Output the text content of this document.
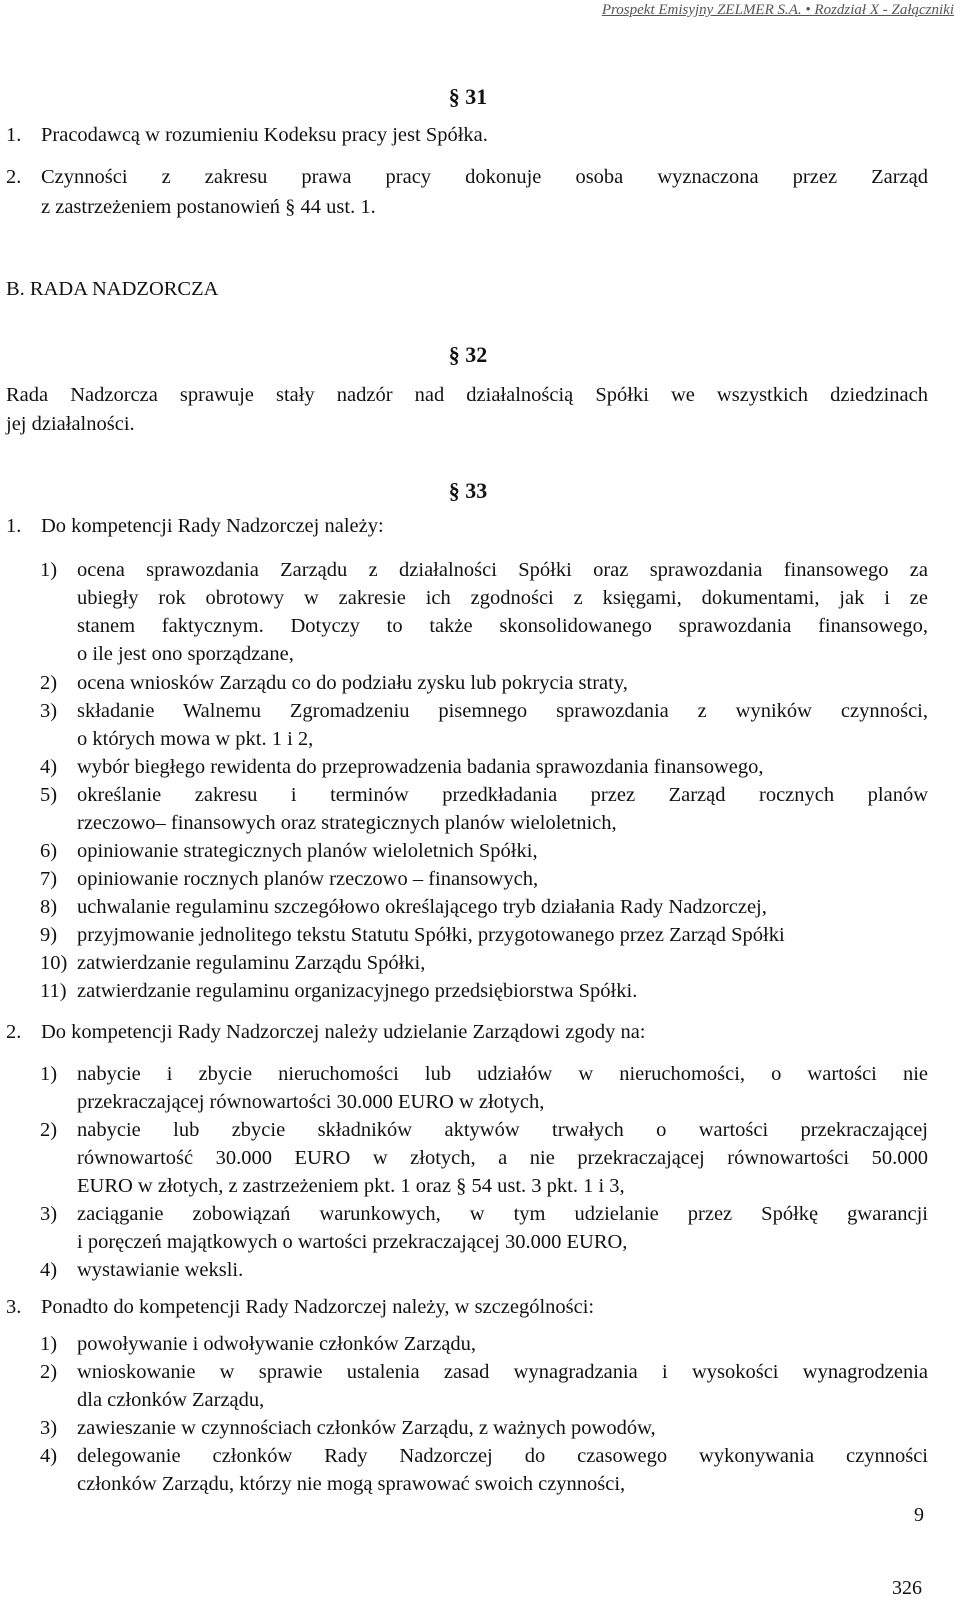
Prospekt Emisyjny ZELMER S.A. • Rozdział X - Załączniki
§ 31
1. Pracodawcą w rozumieniu Kodeksu pracy jest Spółka.
2. Czynności z zakresu prawa pracy dokonuje osoba wyznaczona przez Zarząd
z zastrzeżeniem postanowień § 44 ust. 1.
B. RADA NADZORCZA
§ 32
Rada Nadzorcza sprawuje stały nadzór nad działalnością Spółki we wszystkich dziedzinach
jej działalności.
§ 33
1. Do kompetencji Rady Nadzorczej należy:
1) ocena sprawozdania Zarządu z działalności Spółki oraz sprawozdania finansowego za
ubiegły rok obrotowy w zakresie ich zgodności z księgami, dokumentami, jak i ze
stanem faktycznym. Dotyczy to także skonsolidowanego sprawozdania finansowego,
o ile jest ono sporządzane,
2) ocena wniosków Zarządu co do podziału zysku lub pokrycia straty,
3) składanie Walnemu Zgromadzeniu pisemnego sprawozdania z wyników czynności,
o których mowa w pkt. 1 i 2,
4) wybór biegłego rewidenta do przeprowadzenia badania sprawozdania finansowego,
5) określanie zakresu i terminów przedkładania przez Zarząd rocznych planów
rzeczowo– finansowych oraz strategicznych planów wieloletnich,
6) opiniowanie strategicznych planów wieloletnich Spółki,
7) opiniowanie rocznych planów rzeczowo – finansowych,
8) uchwalanie regulaminu szczegółowo określającego tryb działania Rady Nadzorczej,
9) przyjmowanie jednolitego tekstu Statutu Spółki, przygotowanego przez Zarząd Spółki
10) zatwierdzanie regulaminu Zarządu Spółki,
11) zatwierdzanie regulaminu organizacyjnego przedsiębiorstwa Spółki.
2. Do kompetencji Rady Nadzorczej należy udzielanie Zarządowi zgody na:
1) nabycie i zbycie nieruchomości lub udziałów w nieruchomości, o wartości nie
przekraczającej równowartości 30.000 EURO w złotych,
2) nabycie lub zbycie składników aktywów trwałych o wartości przekraczającej
równowartość 30.000 EURO w złotych, a nie przekraczającej równowartości 50.000
EURO w złotych, z zastrzeżeniem pkt. 1 oraz § 54 ust. 3 pkt. 1 i 3,
3) zaciąganie zobowiązań warunkowych, w tym udzielanie przez Spółkę gwarancji
i poręczeń majątkowych o wartości przekraczającej 30.000 EURO,
4) wystawianie weksli.
3. Ponadto do kompetencji Rady Nadzorczej należy, w szczególności:
1) powoływanie i odwoływanie członków Zarządu,
2) wnioskowanie w sprawie ustalenia zasad wynagradzania i wysokości wynagrodzenia
dla członków Zarządu,
3) zawieszanie w czynnościach członków Zarządu, z ważnych powodów,
4) delegowanie członków Rady Nadzorczej do czasowego wykonywania czynności
członków Zarządu, którzy nie mogą sprawować swoich czynności,
9
326
